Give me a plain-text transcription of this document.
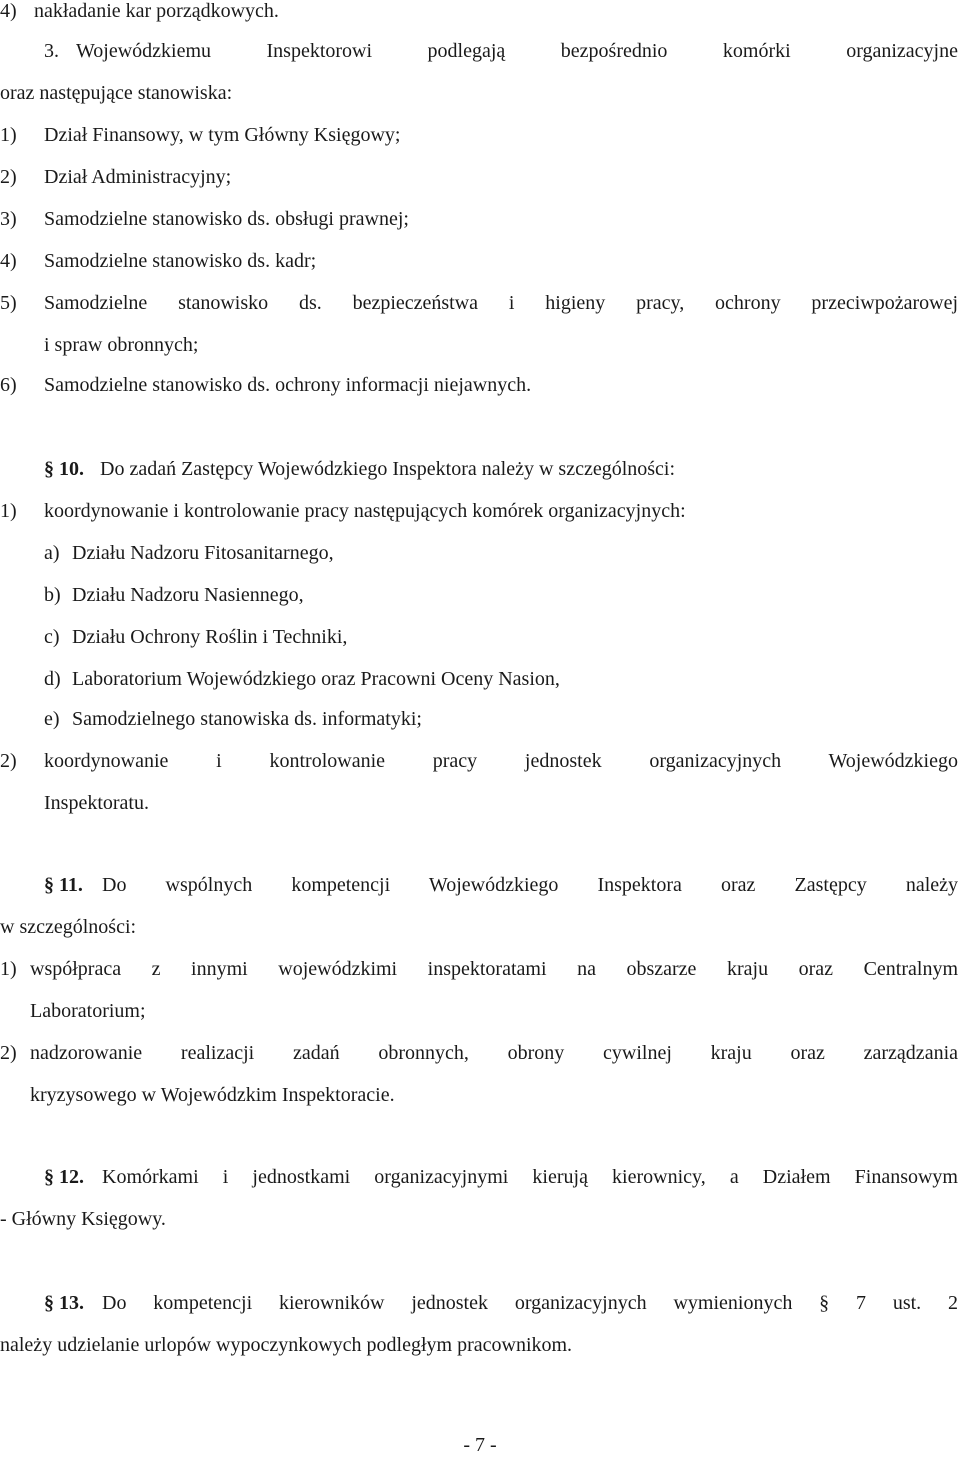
4) nakładanie kar porządkowych.
3. Wojewódzkiemu Inspektorowi podlegają bezpośrednio komórki organizacyjne
oraz następujące stanowiska:
1)	Dział Finansowy, w tym Główny Księgowy;
2)	Dział Administracyjny;
3)	Samodzielne stanowisko ds. obsługi prawnej;
4)	Samodzielne stanowisko ds. kadr;
5)	Samodzielne stanowisko ds. bezpieczeństwa i higieny pracy, ochrony przeciwpożarowej
i spraw obronnych;
6)	Samodzielne stanowisko ds. ochrony informacji niejawnych.
§ 10. Do zadań Zastępcy Wojewódzkiego Inspektora należy w szczególności:
1)	koordynowanie i kontrolowanie pracy następujących komórek organizacyjnych:
a) Działu Nadzoru Fitosanitarnego,
b) Działu Nadzoru Nasiennego,
c) Działu Ochrony Roślin i Techniki,
d) Laboratorium Wojewódzkiego oraz Pracowni Oceny Nasion,
e) Samodzielnego stanowiska ds. informatyki;
2)	koordynowanie i kontrolowanie pracy jednostek organizacyjnych Wojewódzkiego
Inspektoratu.
§ 11. Do wspólnych kompetencji Wojewódzkiego Inspektora oraz Zastępcy należy
w szczególności:
1) współpraca z innymi wojewódzkimi inspektoratami na obszarze kraju oraz Centralnym
Laboratorium;
2) nadzorowanie realizacji zadań obronnych, obrony cywilnej kraju oraz zarządzania
kryzysowego w Wojewódzkim Inspektoracie.
§ 12. Komórkami i jednostkami organizacyjnymi kierują kierownicy, a Działem Finansowym
- Główny Księgowy.
§ 13. Do kompetencji kierowników jednostek organizacyjnych wymienionych § 7 ust. 2
należy udzielanie urlopów wypoczynkowych podległym pracownikom.
- 7 -
